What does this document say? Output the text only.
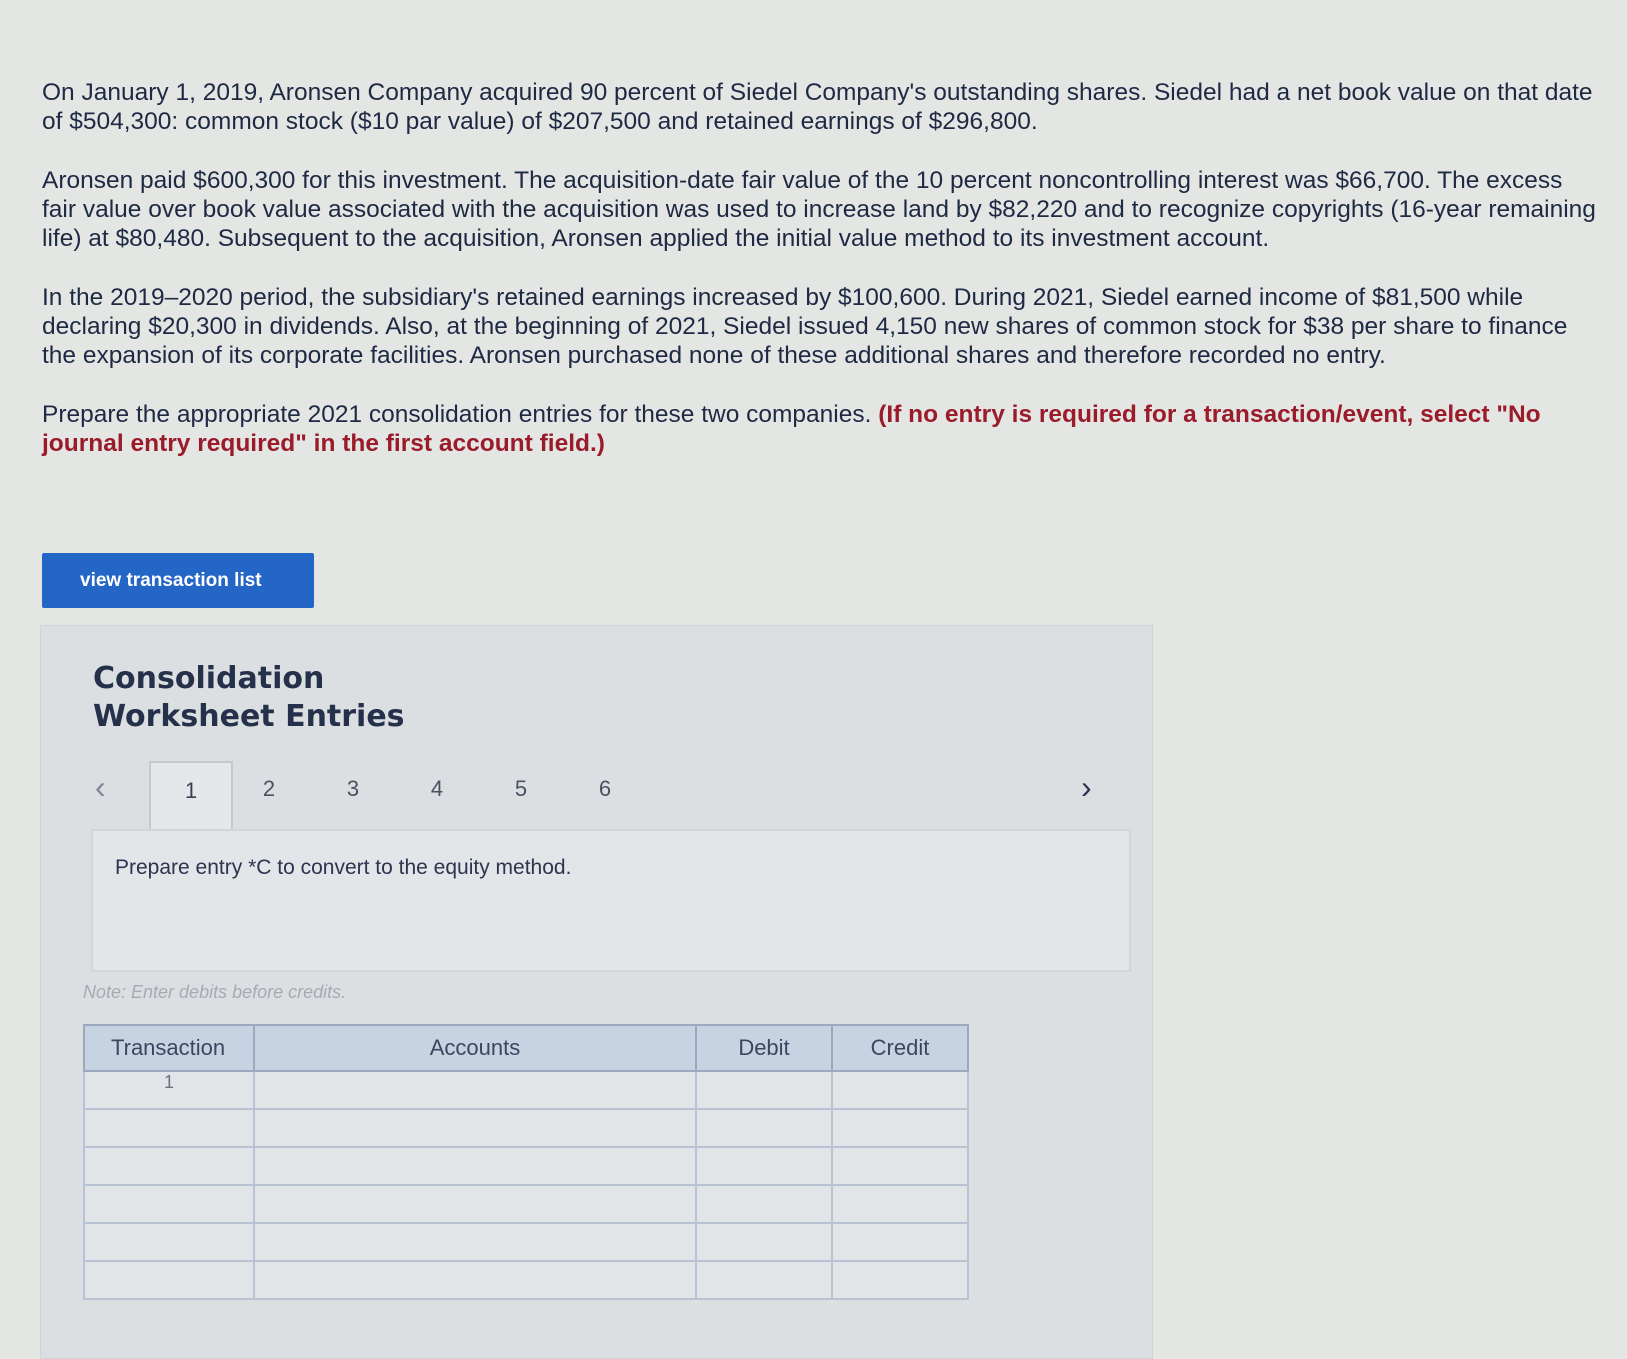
On January 1, 2019, Aronsen Company acquired 90 percent of Siedel Company's outstanding shares. Siedel had a net book value on that date of $504,300: common stock ($10 par value) of $207,500 and retained earnings of $296,800.

Aronsen paid $600,300 for this investment. The acquisition-date fair value of the 10 percent noncontrolling interest was $66,700. The excess fair value over book value associated with the acquisition was used to increase land by $82,220 and to recognize copyrights (16-year remaining life) at $80,480. Subsequent to the acquisition, Aronsen applied the initial value method to its investment account.

In the 2019–2020 period, the subsidiary's retained earnings increased by $100,600. During 2021, Siedel earned income of $81,500 while declaring $20,300 in dividends. Also, at the beginning of 2021, Siedel issued 4,150 new shares of common stock for $38 per share to finance the expansion of its corporate facilities. Aronsen purchased none of these additional shares and therefore recorded no entry.

Prepare the appropriate 2021 consolidation entries for these two companies. (If no entry is required for a transaction/event, select "No journal entry required" in the first account field.)

view transaction list
Consolidation
Worksheet Entries
‹	1	2	3	4	5	6	›
Prepare entry *C to convert to the equity method.
Note: Enter debits before credits.
Transaction	Accounts	Debit	Credit
1			
